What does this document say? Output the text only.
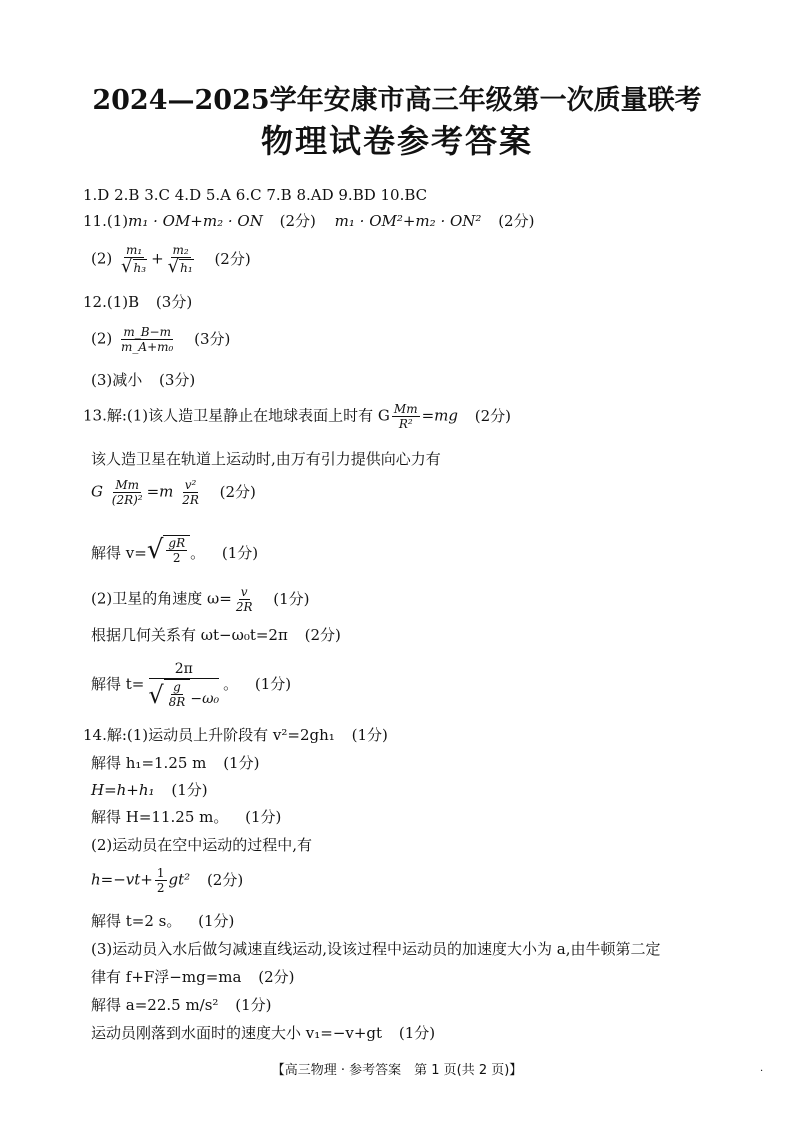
2024—2025学年安康市高三年级第一次质量联考
物理试卷参考答案
1.D 2.B 3.C 4.D 5.A 6.C 7.B 8.AD 9.BD 10.BC
11.(1)m₁ · OM+m₂ · ON (2分) m₁ · OM²+m₂ · ON² (2分)
$(2) \frac{\text{m₁}}{\text{√ h₃}} + \frac{\text{m₂}}{\text{√ h₁}} (2$分)
12.(1)B (3分)
$(2) \frac{m\_B-m}{\text{m\_A+m₀}} (3$分)
(3)减小 (3分)
13.解:(1)该人造卫星静止在地球表面上时有 G $\frac{Mm}{\text{R²}} =mg$ (2分)
该人造卫星在轨道上运动时,由万有引力提供向心力有
G $\frac{Mm}{\text{(2R)²}} =m \frac{\text{v²}}{2R} (2$分)
解得 v= √ $\frac{gR}{2}$ 。 (1分)
(2)卫星的角速度 $\omega= \frac{v}{2R} (1$分)
根据几何关系有 ωt−ω₀t=2π (2分)
解得 $t= \frac{2\pi}{√ \frac{g}{8R} -\omega_0}$ 。 (1分)
14.解:(1)运动员上升阶段有 v²=2gh₁ (1分)
解得 h₁=1.25 m (1分)
H=h+h₁ (1分)
解得 H=11.25 m。 (1分)
(2)运动员在空中运动的过程中,有
$h=-vt+ \frac{1}{2} gt^2$ (2分)
解得 t=2 s。 (1分)
(3)运动员入水后做匀减速直线运动,设该过程中运动员的加速度大小为 a,由牛顿第二定
律有 f+F浮−mg=ma (2分)
解得 a=22.5 m/s² (1分)
运动员刚落到水面时的速度大小 v₁=−v+gt (1分)
【高三物理 · 参考答案　第 1 页(共 2 页)】	·
